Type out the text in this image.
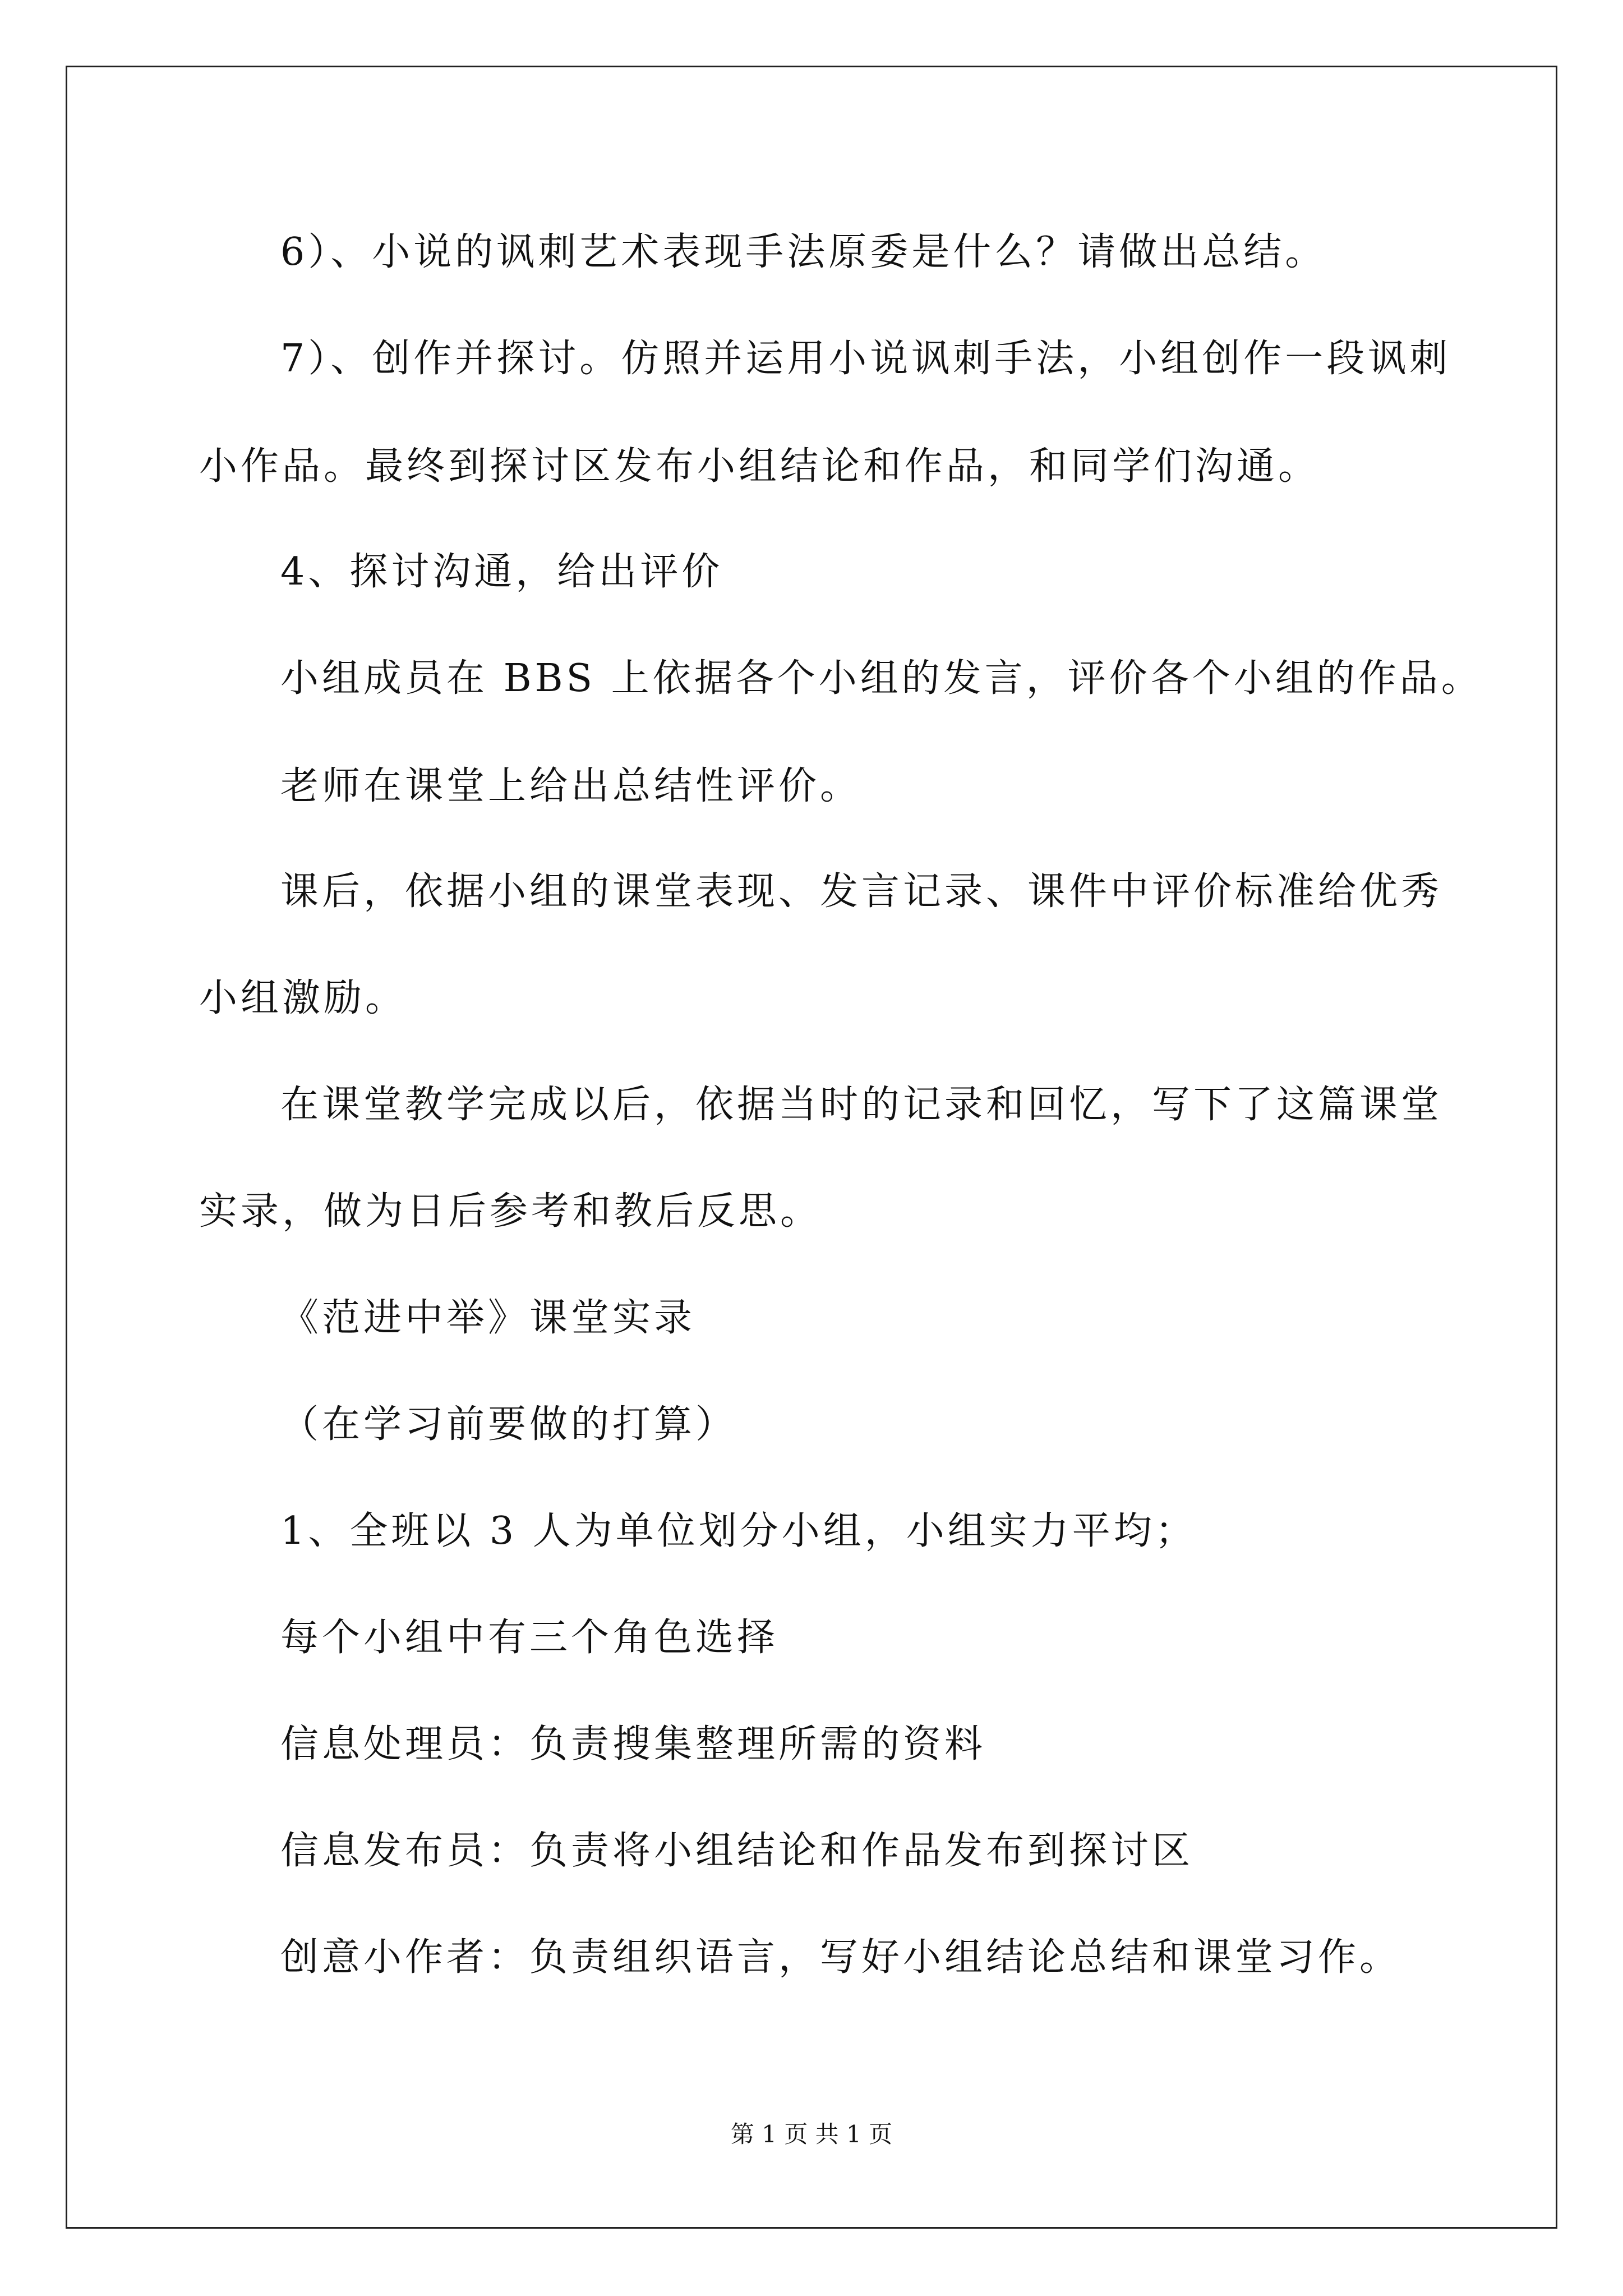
6）、小说的讽刺艺术表现手法原委是什么？请做出总结。
7）、创作并探讨。仿照并运用小说讽刺手法，小组创作一段讽刺
小作品。最终到探讨区发布小组结论和作品，和同学们沟通。
4、探讨沟通，给出评价
小组成员在 BBS 上依据各个小组的发言，评价各个小组的作品。
老师在课堂上给出总结性评价。
课后，依据小组的课堂表现、发言记录、课件中评价标准给优秀
小组激励。
在课堂教学完成以后，依据当时的记录和回忆，写下了这篇课堂
实录，做为日后参考和教后反思。
《范进中举》课堂实录
（在学习前要做的打算）
1、全班以 3 人为单位划分小组，小组实力平均；
每个小组中有三个角色选择
信息处理员：负责搜集整理所需的资料
信息发布员：负责将小组结论和作品发布到探讨区
创意小作者：负责组织语言，写好小组结论总结和课堂习作。
第 1 页 共 1 页
